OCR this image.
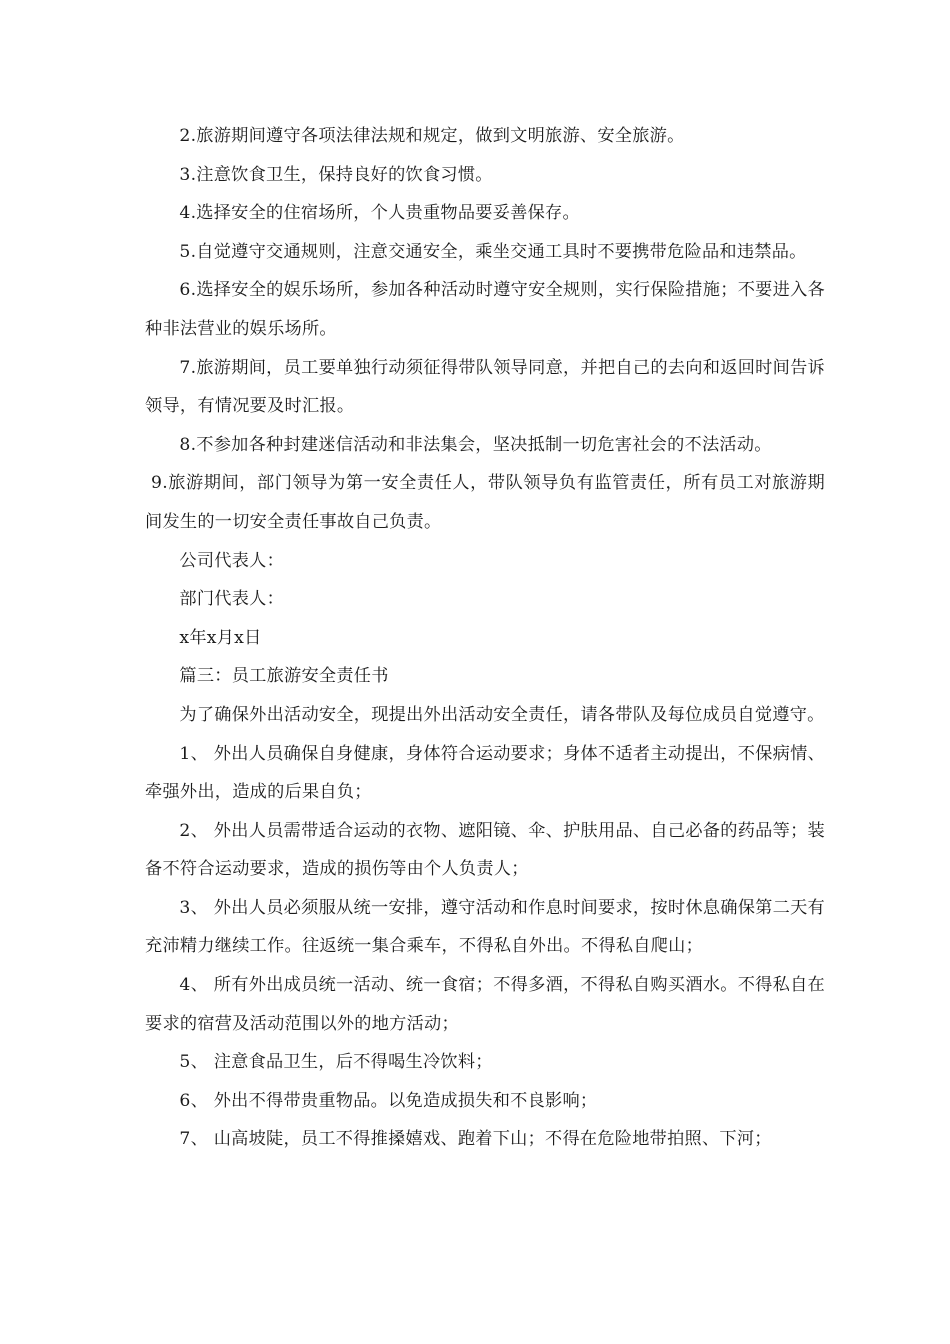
2.旅游期间遵守各项法律法规和规定，做到文明旅游、安全旅游。

3.注意饮食卫生，保持良好的饮食习惯。

4.选择安全的住宿场所，个人贵重物品要妥善保存。

5.自觉遵守交通规则，注意交通安全，乘坐交通工具时不要携带危险品和违禁品。

6.选择安全的娱乐场所，参加各种活动时遵守安全规则，实行保险措施；不要进入各种非法营业的娱乐场所。

7.旅游期间，员工要单独行动须征得带队领导同意，并把自己的去向和返回时间告诉领导，有情况要及时汇报。

8.不参加各种封建迷信活动和非法集会，坚决抵制一切危害社会的不法活动。

9.旅游期间，部门领导为第一安全责任人，带队领导负有监管责任，所有员工对旅游期间发生的一切安全责任事故自己负责。

公司代表人：

部门代表人：

x年x月x日

篇三：员工旅游安全责任书

为了确保外出活动安全，现提出外出活动安全责任，请各带队及每位成员自觉遵守。

1、 外出人员确保自身健康，身体符合运动要求；身体不适者主动提出，不保病情、牵强外出，造成的后果自负；

2、 外出人员需带适合运动的衣物、遮阳镜、伞、护肤用品、自己必备的药品等；装备不符合运动要求，造成的损伤等由个人负责人；

3、 外出人员必须服从统一安排，遵守活动和作息时间要求，按时休息确保第二天有充沛精力继续工作。往返统一集合乘车，不得私自外出。不得私自爬山；

4、 所有外出成员统一活动、统一食宿；不得多酒，不得私自购买酒水。不得私自在要求的宿营及活动范围以外的地方活动；

5、 注意食品卫生，后不得喝生冷饮料；

6、 外出不得带贵重物品。以免造成损失和不良影响；

7、 山高坡陡，员工不得推搡嬉戏、跑着下山；不得在危险地带拍照、下河；
